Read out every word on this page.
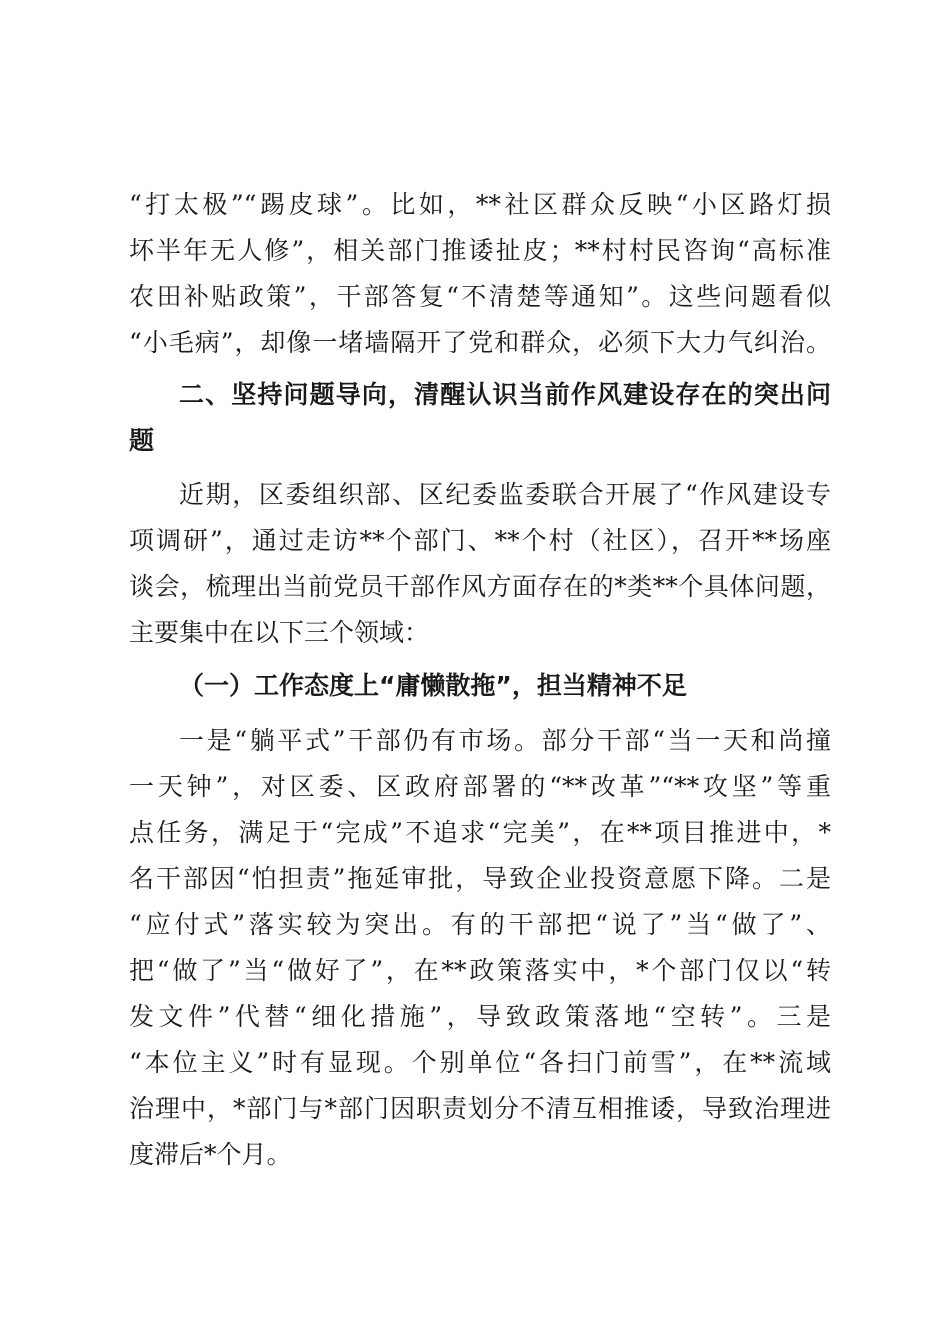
“打太极”“踢皮球”。比如，**社区群众反映“小区路灯损
坏半年无人修”，相关部门推诿扯皮；**村村民咨询“高标准
农田补贴政策”，干部答复“不清楚等通知”。这些问题看似
“小毛病”，却像一堵墙隔开了党和群众，必须下大力气纠治。
二、坚持问题导向，清醒认识当前作风建设存在的突出问
题
近期，区委组织部、区纪委监委联合开展了“作风建设专
项调研”，通过走访**个部门、**个村（社区），召开**场座
谈会，梳理出当前党员干部作风方面存在的*类**个具体问题，
主要集中在以下三个领域：
（一）工作态度上“庸懒散拖”，担当精神不足
一是“躺平式”干部仍有市场。部分干部“当一天和尚撞
一天钟”，对区委、区政府部署的“**改革”“**攻坚”等重
点任务，满足于“完成”不追求“完美”，在**项目推进中，*
名干部因“怕担责”拖延审批，导致企业投资意愿下降。二是
“应付式”落实较为突出。有的干部把“说了”当“做了”、
把“做了”当“做好了”，在**政策落实中，*个部门仅以“转
发文件”代替“细化措施”，导致政策落地“空转”。三是
“本位主义”时有显现。个别单位“各扫门前雪”，在**流域
治理中，*部门与*部门因职责划分不清互相推诿，导致治理进
度滞后*个月。
